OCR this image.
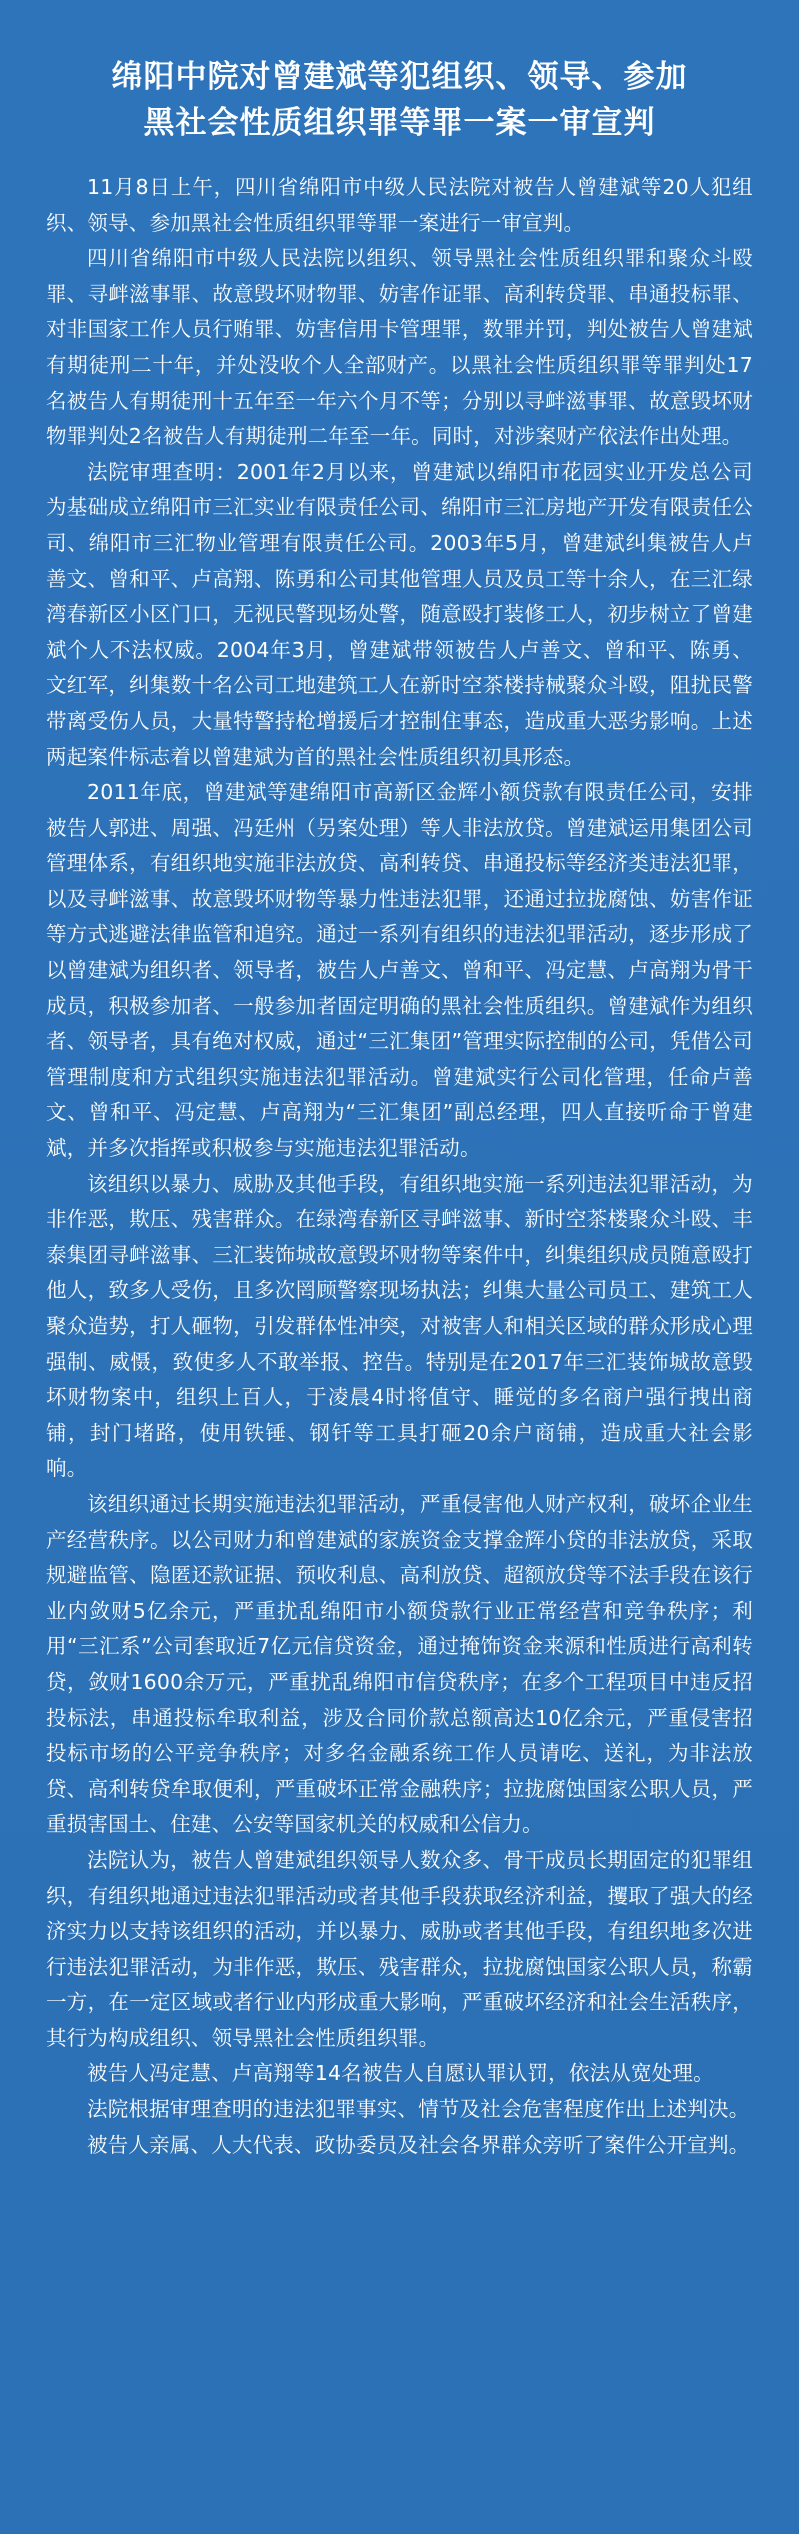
绵阳中院对曾建斌等犯组织、领导、参加
黑社会性质组织罪等罪一案一审宣判

11月8日上午，四川省绵阳市中级人民法院对被告人曾建斌等20人犯组织、领导、参加黑社会性质组织罪等罪一案进行一审宣判。

四川省绵阳市中级人民法院以组织、领导黑社会性质组织罪和聚众斗殴罪、寻衅滋事罪、故意毁坏财物罪、妨害作证罪、高利转贷罪、串通投标罪、对非国家工作人员行贿罪、妨害信用卡管理罪，数罪并罚，判处被告人曾建斌有期徒刑二十年，并处没收个人全部财产。以黑社会性质组织罪等罪判处17名被告人有期徒刑十五年至一年六个月不等；分别以寻衅滋事罪、故意毁坏财物罪判处2名被告人有期徒刑二年至一年。同时，对涉案财产依法作出处理。

法院审理查明：2001年2月以来，曾建斌以绵阳市花园实业开发总公司为基础成立绵阳市三汇实业有限责任公司、绵阳市三汇房地产开发有限责任公司、绵阳市三汇物业管理有限责任公司。2003年5月，曾建斌纠集被告人卢善文、曾和平、卢高翔、陈勇和公司其他管理人员及员工等十余人，在三汇绿湾春新区小区门口，无视民警现场处警，随意殴打装修工人，初步树立了曾建斌个人不法权威。2004年3月，曾建斌带领被告人卢善文、曾和平、陈勇、文红军，纠集数十名公司工地建筑工人在新时空茶楼持械聚众斗殴，阻扰民警带离受伤人员，大量特警持枪增援后才控制住事态，造成重大恶劣影响。上述两起案件标志着以曾建斌为首的黑社会性质组织初具形态。

2011年底，曾建斌等建绵阳市高新区金辉小额贷款有限责任公司，安排被告人郭进、周强、冯廷州（另案处理）等人非法放贷。曾建斌运用集团公司管理体系，有组织地实施非法放贷、高利转贷、串通投标等经济类违法犯罪，以及寻衅滋事、故意毁坏财物等暴力性违法犯罪，还通过拉拢腐蚀、妨害作证等方式逃避法律监管和追究。通过一系列有组织的违法犯罪活动，逐步形成了以曾建斌为组织者、领导者，被告人卢善文、曾和平、冯定慧、卢高翔为骨干成员，积极参加者、一般参加者固定明确的黑社会性质组织。曾建斌作为组织者、领导者，具有绝对权威，通过“三汇集团”管理实际控制的公司，凭借公司管理制度和方式组织实施违法犯罪活动。曾建斌实行公司化管理，任命卢善文、曾和平、冯定慧、卢高翔为“三汇集团”副总经理，四人直接听命于曾建斌，并多次指挥或积极参与实施违法犯罪活动。

该组织以暴力、威胁及其他手段，有组织地实施一系列违法犯罪活动，为非作恶，欺压、残害群众。在绿湾春新区寻衅滋事、新时空茶楼聚众斗殴、丰泰集团寻衅滋事、三汇装饰城故意毁坏财物等案件中，纠集组织成员随意殴打他人，致多人受伤，且多次罔顾警察现场执法；纠集大量公司员工、建筑工人聚众造势，打人砸物，引发群体性冲突，对被害人和相关区域的群众形成心理强制、威慑，致使多人不敢举报、控告。特别是在2017年三汇装饰城故意毁坏财物案中，组织上百人，于凌晨4时将值守、睡觉的多名商户强行拽出商铺，封门堵路，使用铁锤、钢钎等工具打砸20余户商铺，造成重大社会影响。

该组织通过长期实施违法犯罪活动，严重侵害他人财产权利，破坏企业生产经营秩序。以公司财力和曾建斌的家族资金支撑金辉小贷的非法放贷，采取规避监管、隐匿还款证据、预收利息、高利放贷、超额放贷等不法手段在该行业内敛财5亿余元，严重扰乱绵阳市小额贷款行业正常经营和竞争秩序；利用“三汇系”公司套取近7亿元信贷资金，通过掩饰资金来源和性质进行高利转贷，敛财1600余万元，严重扰乱绵阳市信贷秩序；在多个工程项目中违反招投标法，串通投标牟取利益，涉及合同价款总额高达10亿余元，严重侵害招投标市场的公平竞争秩序；对多名金融系统工作人员请吃、送礼，为非法放贷、高利转贷牟取便利，严重破坏正常金融秩序；拉拢腐蚀国家公职人员，严重损害国土、住建、公安等国家机关的权威和公信力。

法院认为，被告人曾建斌组织领导人数众多、骨干成员长期固定的犯罪组织，有组织地通过违法犯罪活动或者其他手段获取经济利益，攫取了强大的经济实力以支持该组织的活动，并以暴力、威胁或者其他手段，有组织地多次进行违法犯罪活动，为非作恶，欺压、残害群众，拉拢腐蚀国家公职人员，称霸一方，在一定区域或者行业内形成重大影响，严重破坏经济和社会生活秩序，其行为构成组织、领导黑社会性质组织罪。

被告人冯定慧、卢高翔等14名被告人自愿认罪认罚，依法从宽处理。

法院根据审理查明的违法犯罪事实、情节及社会危害程度作出上述判决。

被告人亲属、人大代表、政协委员及社会各界群众旁听了案件公开宣判。
